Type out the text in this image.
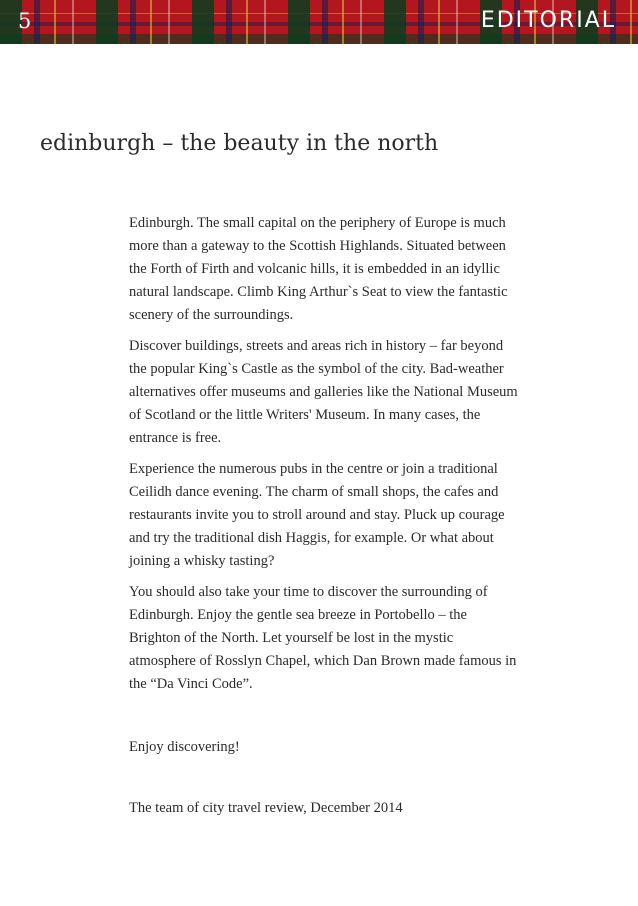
5	EDITORIAL
edinburgh – the beauty in the north

Edinburgh. The small capital on the periphery of Europe is much more than a gateway to the Scottish Highlands. Situated between the Forth of Firth and volcanic hills, it is embedded in an idyllic natural landscape. Climb King Arthur`s Seat to view the fantastic scenery of the surroundings.

Discover buildings, streets and areas rich in history – far beyond the popular King`s Castle as the symbol of the city. Bad-weather alternatives offer museums and galleries like the National Museum of Scotland or the little Writers' Museum. In many cases, the entrance is free.

Experience the numerous pubs in the centre or join a traditional Ceilidh dance evening. The charm of small shops, the cafes and restaurants invite you to stroll around and stay. Pluck up courage and try the traditional dish Haggis, for example. Or what about joining a whisky tasting?

You should also take your time to discover the surrounding of Edinburgh. Enjoy the gentle sea breeze in Portobello – the Brighton of the North. Let yourself be lost in the mystic atmosphere of Rosslyn Chapel, which Dan Brown made famous in the “Da Vinci Code”.

Enjoy discovering!

The team of city travel review, December 2014
